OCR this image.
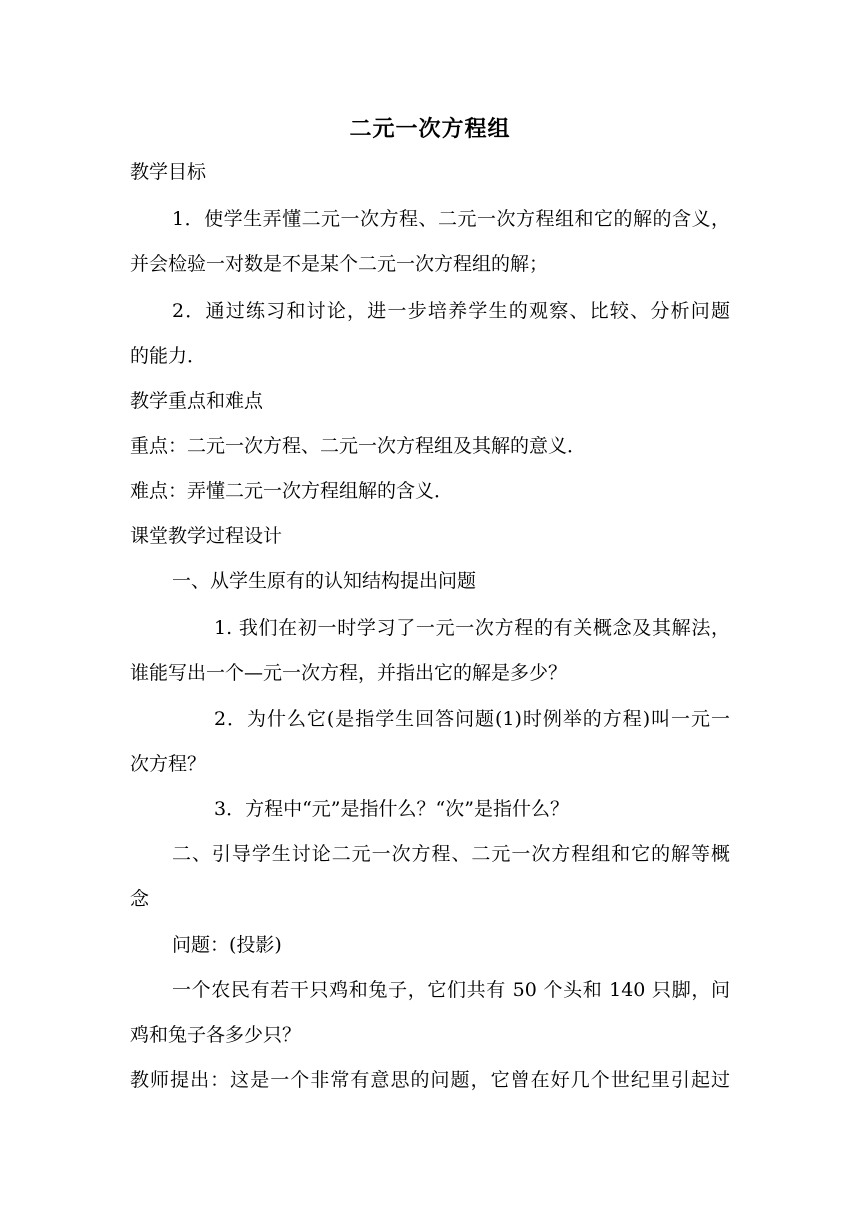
二元一次方程组
教学目标
1．使学生弄懂二元一次方程、二元一次方程组和它的解的含义，
并会检验一对数是不是某个二元一次方程组的解；
2．通过练习和讨论，进一步培养学生的观察、比较、分析问题
的能力．
教学重点和难点
重点：二元一次方程、二元一次方程组及其解的意义．
难点：弄懂二元一次方程组解的含义．
课堂教学过程设计
一、从学生原有的认知结构提出问题
1. 我们在初一时学习了一元一次方程的有关概念及其解法，
谁能写出一个—元一次方程，并指出它的解是多少？
2．为什么它(是指学生回答问题(1)时例举的方程)叫一元一
次方程？
3．方程中“元”是指什么？“次”是指什么？
二、引导学生讨论二元一次方程、二元一次方程组和它的解等概
念
问题：(投影)
一个农民有若干只鸡和兔子，它们共有 50 个头和 140 只脚，问
鸡和兔子各多少只？
教师提出：这是一个非常有意思的问题，它曾在好几个世纪里引起过
